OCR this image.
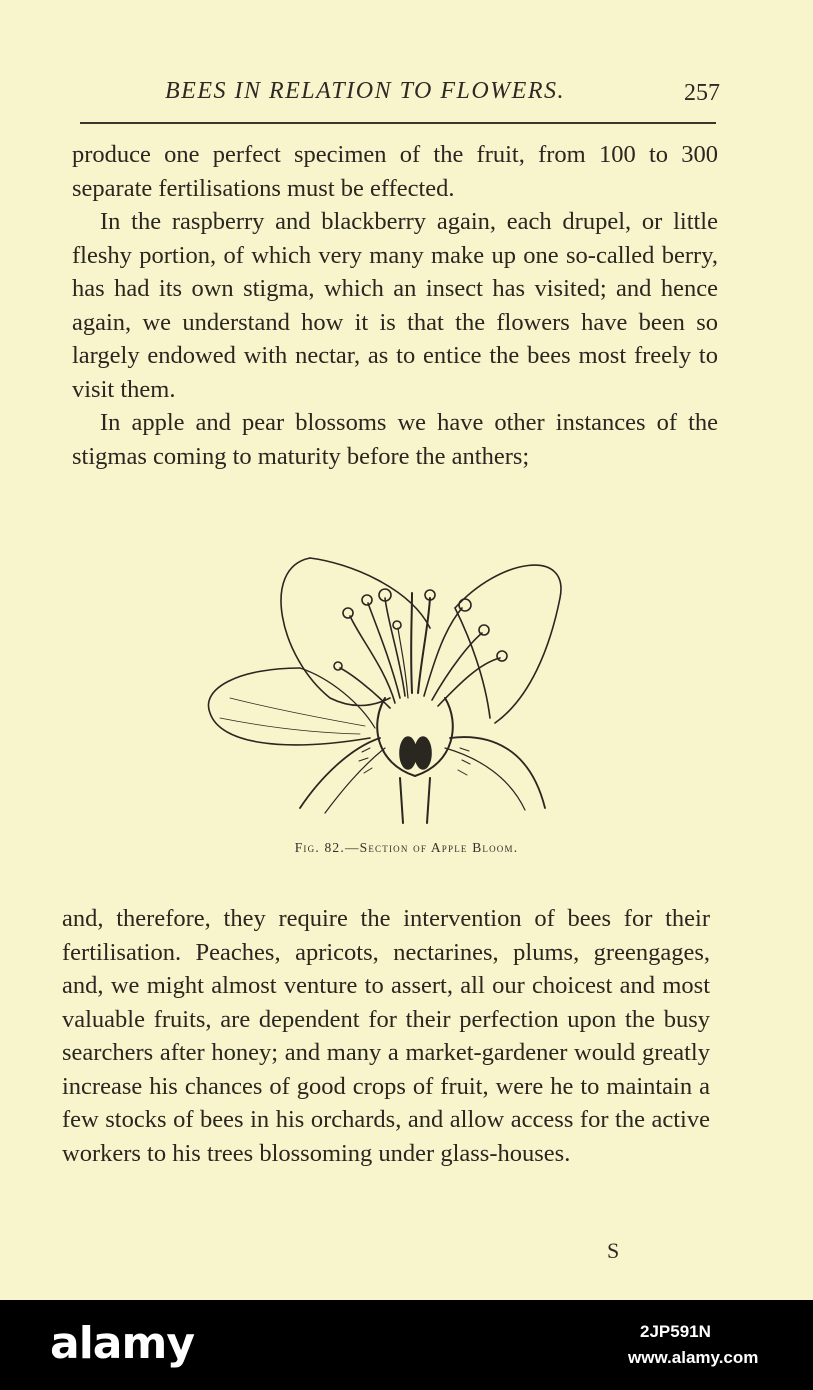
BEES IN RELATION TO FLOWERS.	257

produce one perfect specimen of the fruit, from 100 to 300 separate fertilisations must be effected.

In the raspberry and blackberry again, each drupel, or little fleshy portion, of which very many make up one so-called berry, has had its own stigma, which an insect has visited; and hence again, we understand how it is that the flowers have been so largely endowed with nectar, as to entice the bees most freely to visit them.

In apple and pear blossoms we have other instances of the stigmas coming to maturity before the anthers;

Fig. 82.—Section of Apple Bloom.

and, therefore, they require the intervention of bees for their fertilisation. Peaches, apricots, nectarines, plums, greengages, and, we might almost venture to assert, all our choicest and most valuable fruits, are dependent for their perfection upon the busy searchers after honey; and many a market-gardener would greatly increase his chances of good crops of fruit, were he to maintain a few stocks of bees in his orchards, and allow access for the active workers to his trees blossoming under glass-houses.

S
alamy	2JP591N
www.alamy.com
